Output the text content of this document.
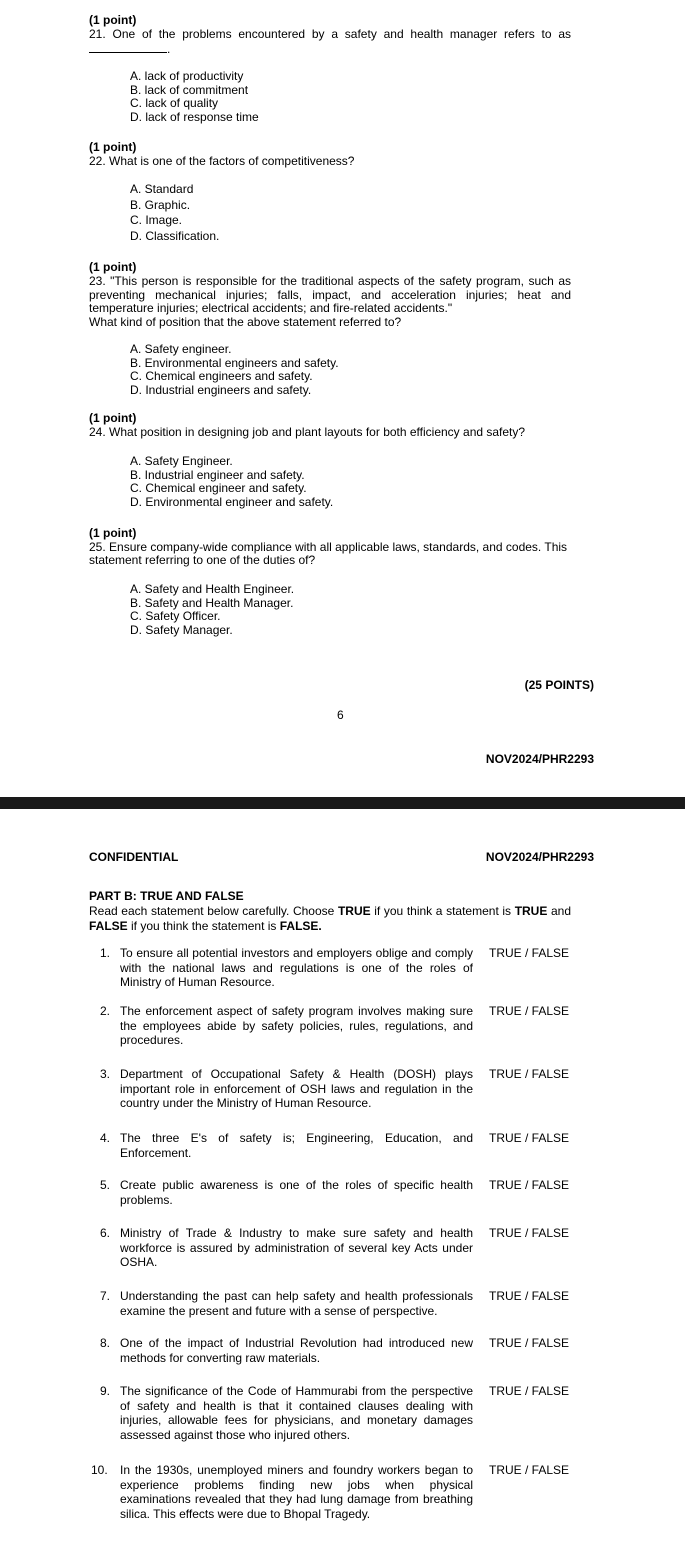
(1 point)
21. One of the problems encountered by a safety and health manager refers to as
.
A. lack of productivity
B. lack of commitment
C. lack of quality
D. lack of response time
(1 point)
22. What is one of the factors of competitiveness?
A. Standard
B. Graphic.
C. Image.
D. Classification.
(1 point)
23. "This person is responsible for the traditional aspects of the safety program, such as preventing mechanical injuries; falls, impact, and acceleration injuries; heat and temperature injuries; electrical accidents; and fire-related accidents."
What kind of position that the above statement referred to?
A. Safety engineer.
B. Environmental engineers and safety.
C. Chemical engineers and safety.
D. Industrial engineers and safety.
(1 point)
24. What position in designing job and plant layouts for both efficiency and safety?
A. Safety Engineer.
B. Industrial engineer and safety.
C. Chemical engineer and safety.
D. Environmental engineer and safety.
(1 point)
25. Ensure company-wide compliance with all applicable laws, standards, and codes. This statement referring to one of the duties of?
A. Safety and Health Engineer.
B. Safety and Health Manager.
C. Safety Officer.
D. Safety Manager.
(25 POINTS)
6
NOV2024/PHR2293
CONFIDENTIAL	NOV2024/PHR2293
PART B: TRUE AND FALSE
Read each statement below carefully. Choose TRUE if you think a statement is TRUE and FALSE if you think the statement is FALSE.
1. To ensure all potential investors and employers oblige and comply with the national laws and regulations is one of the roles of Ministry of Human Resource.
TRUE / FALSE
2. The enforcement aspect of safety program involves making sure the employees abide by safety policies, rules, regulations, and procedures.
TRUE / FALSE
3. Department of Occupational Safety & Health (DOSH) plays important role in enforcement of OSH laws and regulation in the country under the Ministry of Human Resource.
TRUE / FALSE
4. The three E's of safety is; Engineering, Education, and Enforcement.
TRUE / FALSE
5. Create public awareness is one of the roles of specific health problems.
TRUE / FALSE
6. Ministry of Trade & Industry to make sure safety and health workforce is assured by administration of several key Acts under OSHA.
TRUE / FALSE
7. Understanding the past can help safety and health professionals examine the present and future with a sense of perspective.
TRUE / FALSE
8. One of the impact of Industrial Revolution had introduced new methods for converting raw materials.
TRUE / FALSE
9. The significance of the Code of Hammurabi from the perspective of safety and health is that it contained clauses dealing with injuries, allowable fees for physicians, and monetary damages assessed against those who injured others.
TRUE / FALSE
10. In the 1930s, unemployed miners and foundry workers began to experience problems finding new jobs when physical examinations revealed that they had lung damage from breathing silica. This effects were due to Bhopal Tragedy.
TRUE / FALSE
